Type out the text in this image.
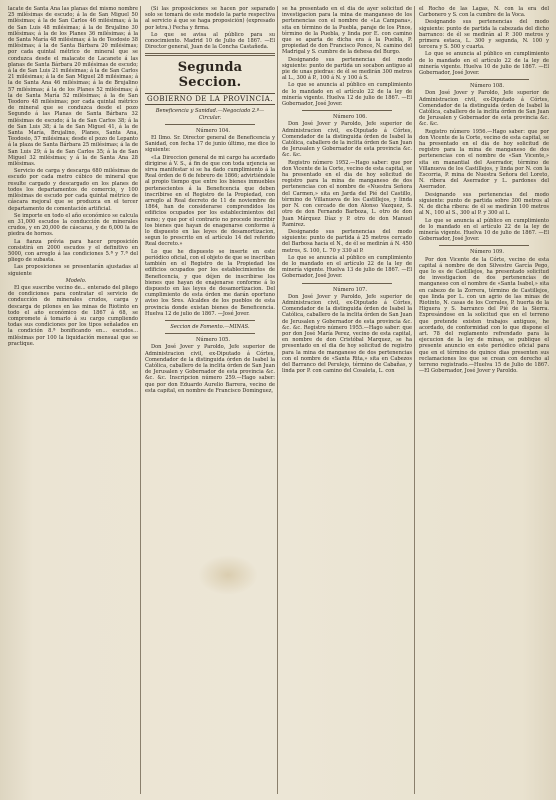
lacate de Santa Ana las planas del mismo nombre 25 milésimas de escudo; á la de San Miguel 50 milésimas; á la de San Carlos 46 milésimas; á la de San Luis 48 milésimas; á la de Brujalino 30 milésimas; á la de los Planes 36 milésimas; á la de Santa María 48 milésimas; á la de Teodosio 38 milésimas; á la de Santa Bárbara 20 milésimas; por cada quintal métrico de mineral que se conduzca desde el malacate de Lacanete á las planas de Santa Bárbara 20 milésimas de escudo; á la de San Luis 21 milésimas; á la de San Carlos 21 milésimas; á la de San Miguel 28 milésimas; á la de Santa Ana 46 milésimas; á la de Brujalino 57 milésimas; á la de los Planes 52 milésimas; á la de Santa María 52 milésimas; á la de San Teodoro 48 milésimas; por cada quintal métrico de mineral que se conduzca desde el pozo Segundo á las Planas de Santa Bárbara 32 milésimas de escudo; á la de San Carlos 38; á la de San Luis 38; á la de San Miguel 41, á la de Santa María, Brujalino, Planes, Santa Ana, Teodosio, 57 milésimas; desde el pozo de Lepanto á la plaza de Santa Bárbara 25 milésimas; á la de San Luis 29; á la de San Carlos 35; á la de San Miguel 32 milésimas; y á la de Santa Ana 28 milésimas.

Servicio de carga y descarga 680 milésimas de escudo por cada metro cúbico de mineral que resulte cargado y descargado en los planes de todos los departamentos de comercio, y 100 milésimas de escudo por cada quintal métrico de cáscara mejoral que se produzca en el tercer departamento de comentación artificial.

Se importe en todo el año económico se calcula en 31,000 escudos la conducción de minerales crudos, y en 20,000 de cáscaras, y de 6,000 la de piedra de hornos.

La fianza prévia para hacer proposición consistirá en 2000 escudos y el definitivo en 5000, con arreglo á las condiciones 5.ª y 7.ª del pliego de subasta.

Las proposiciones se presentarán ajustadas al siguiente

Modelo.

El que suscribe vecino de... enterado del pliego de condiciones para contratar el servicio de conducción de minerales crudos, carga y descarga de pilones en las minas de Riotinto en todo el año económico de 1867 á 68, se compromete á tomarlo á su cargo cumpliendo todas sus condiciones por los tipos señalados en la condición 8.ª bonificando en... escudos... milésimas por 100 la liquidación mensual que se practique.

(Si las proposiciones se hacen por separado solo se tomará de este modelo la parte respectiva al servicio á que se haga proposición) (expresado por letra.) Fecha y firma.

Lo que se avisa al público para su conocimiento. Madrid 10 de Julio de 1867. —El Director general, Juan de la Concha Castañeda.

Segunda Seccion.
GOBIERNO DE LA PROVINCIA.

Beneficencia y Sanidad.—Negociado 2.º—Circular.

Número 104.

El Ilmo. Sr. Director general de Beneficencia y Sanidad, con fecha 17 de junio último, me dice lo siguiente:

«La Direccion general de mi cargo ha acordado dirigirse á V. S., á fin de que con toda urjencia se sirva manifestar si se ha dado cumplimiento á la Real órden de 6 de febrero de 1866; advirtiéndole al propio tiempo que entre los bienes inmuebles pertenecientes á la Beneficencia que deben inscribirse en el Registro de la Propiedad, con arreglo al Real decreto de 11 de noviembre de 1864, han de considerarse comprendidos los edificios ocupados por los establecimientos del ramo; y que por el contrario no procede inscribir los bienes que hayan de enagenarse conforme á lo dispuesto en las leyes de desamortizacion, segun lo prescrito en el artículo 14 del referido Real decreto.»

Lo que he dispuesto se inserte en este periódico oficial, con el objeto de que se inscriban también en el Registro de la Propiedad los edificios ocupados por los establecimientos de Beneficencia, y que déjen de inscribirse los bienes que hayan de enajenarse conforme á lo dispuesto en las leyes de desamortizacion. Del cumplimiento de esta órden me darán oportuno aviso los Sres. Alcaldes de los pueblos de esta provincia donde existan bienes de Beneficencia. Huelva 12 de julio de 1867. —José Jover.

Seccion de Fomento.—MINAS.

Número 105.

Don José Jover y Paroldo, Jefe superior de Administracion civil, ex-Diputado á Córtes, Comendador de la distinguida órden de Isabel la Católica, caballero de la inclita órden de San Juan de Jerusalen y Gobernador de esta provincia &c. &c. &c. Inscripcion número 259.—Hago saber: que por don Eduardo Aurelio Barrera, vecino de esta capital, en nombre de Francisco Dominguez,

se ha presentado en el dia de ayer solicitud de investigacion para la mina de manganeso de los pertenencias con el nombre de «La Campana», sita en término de la Puebla, paraje de los Pinos, término de la Puebla, y linda por E. con camino que se aparta de dicha era á la Puebla, P. propiedad de don Francisco Ponce, N. camino del Madrigal y S. cumbre de la dehesa del Burgo.

Designando sus pertenencias del modo siguiente: punto de partida un socabon antiguo al pie de unas piedras: de él se medirán 300 metros al L., 300 á P., 100 á N. y 100 á S.

Lo que se anuncia al público en cumplimiento de lo mandado en el artículo 22 de la ley de minería vigente. Huelva 12 de julio de 1867. —El Gobernador, José Jover.

Número 106.

Don José Jover y Paroldo, Jefe superior de Administracion civil, ex-Diputado á Córtes, Comendador de la distinguida órden de Isabel la Católica, caballero de la inclita órden de San Juan de Jerusalen y Gobernador de esta provincia &c. &c. &c.

Registro número 1952.—Hago saber: que por don Vicente de la Corte, vecino de esta capital, se ha presentado en el dia de hoy solicitud de registro para la mina de manganeso de dos pertenencias con el nombre de «Nuestra Señora del Carmen,» sita en Jarda del Pié del Castillo, término de Villanueva de los Castillejos, y linda por N. con cercado de don Alonso Vazquez, S. otro de don Fernando Barboza, L. otro de don Juan Márquez Díaz y P. otro de don Manuel Ramirez.

Designando sus pertenencias del modo siguiente: punto de partida á 25 metros cercado del Barbosa hacia el N., de él se medirán á N. 450 metros, S. 100, L. 70 y 330 al P.

Lo que se anuncia al público en cumplimiento de lo mandado en el artículo 22 de la ley de minería vigente. Huelva 13 de julio de 1867. —El Gobernador, José Jover.

Número 107.

Don José Jover y Paroldo, Jefe superior de Administracion civil, ex-Diputado á Córtes, Comendador de la distinguida órden de Isabel la Católica, caballero de la inclita órden de San Juan de Jerusalen y Gobernador de esta provincia &c. &c. &c. Registro número 1955.—Hago saber: que por don José María Perez, vecino de esta capital, en nombre de don Cristóbal Marquez, se ha presentado en el dia de hoy solicitud de registro para la mina de manganeso de dos pertenencias con el nombre de «Santa Rita,» sita en Cabezos del Barranco del Perulejo, término de Cabañas, y linda por P. con camino del Cosaleta, L. con

el Rocho de las Lagas, N. con la era del Carbonero y S. con la cumbre de la Voca.

Designando sus pertenencias del modo siguiente: punto de partida la cabezada del dicho barranco: de él se medirán al P. 300 metros y primera estaca, L. 300 y segunda, N. 100 y tercera y S. 500 y cuarta.

Lo que se anuncia al público en cumplimiento de lo mandado en el artículo 22 de la ley de minería vigente. Huelva 10 de julio de 1867. —El Gobernador, José Jover.

Número 108.

Don José Jover y Paroldo, Jefe superior de Administracion civil, ex-Diputado á Córtes, Comendador de la distinguida órden de Isabel la Católica, caballero de la inclita órden de San Juan de Jerusalen y Gobernador de esta provincia &c. &c. &c.

Registro número 1956.—Hago saber: que por don Vicente de la Corte, vecino de esta capital, se ha presentado en el dia de hoy solicitud de registro para la mina de manganeso de dos pertenencias con el nombre de «San Vicente,» sita en manantial del Aserrador, término de Villanueva de los Castillejos, y linda por N. con la Escorria, P. mina de Nuestra Señora del Loreto, N. ribera del Aserrador y L. pardones del Aserrador.

Designando sus pertenencias del modo siguiente: punto de partida sobre 300 metros al N. de dicha ribera: de él se medirán 100 metros al N., 100 al S., 300 al P. y 300 al L.

Lo que se anuncia al público en cumplimiento de lo mandado en el artículo 22 de la ley de minería vigente. Huelva 10 de julio de 1867. —El Gobernador, José Jover.

Número 109.

Por don Vicente de la Córte, vecino de esta capital á nombre de don Silvestre García Pego, que lo es de Castillejos, ha presentado solicitud de investigacion de dos pertenencias de manganeso con el nombre de «Santa Isabel,» sita en cabezo de la Zorrera, término de Castillejos, que linda por L. con un agrio de las minas de Riotinto, N. casas de los Corrales, P. huerta de la Higuera y S. barranco del Pié de la Sierra. Expresándose en la solicitud que en el terreno que pretende existen trabajos antiguos, he acordado, de conformidad con lo que dispone el art. 78 del reglamento refrendado para la ejecucion de la ley de minas, se publique el presente anuncio en este periódico oficial para que en el término de quince dias presenten sus reclamaciones los que se crean con derecho al terreno registrado.—Huelva 15 de Julio de 1867.—El Gobernador, José Jover y Paroldo.
